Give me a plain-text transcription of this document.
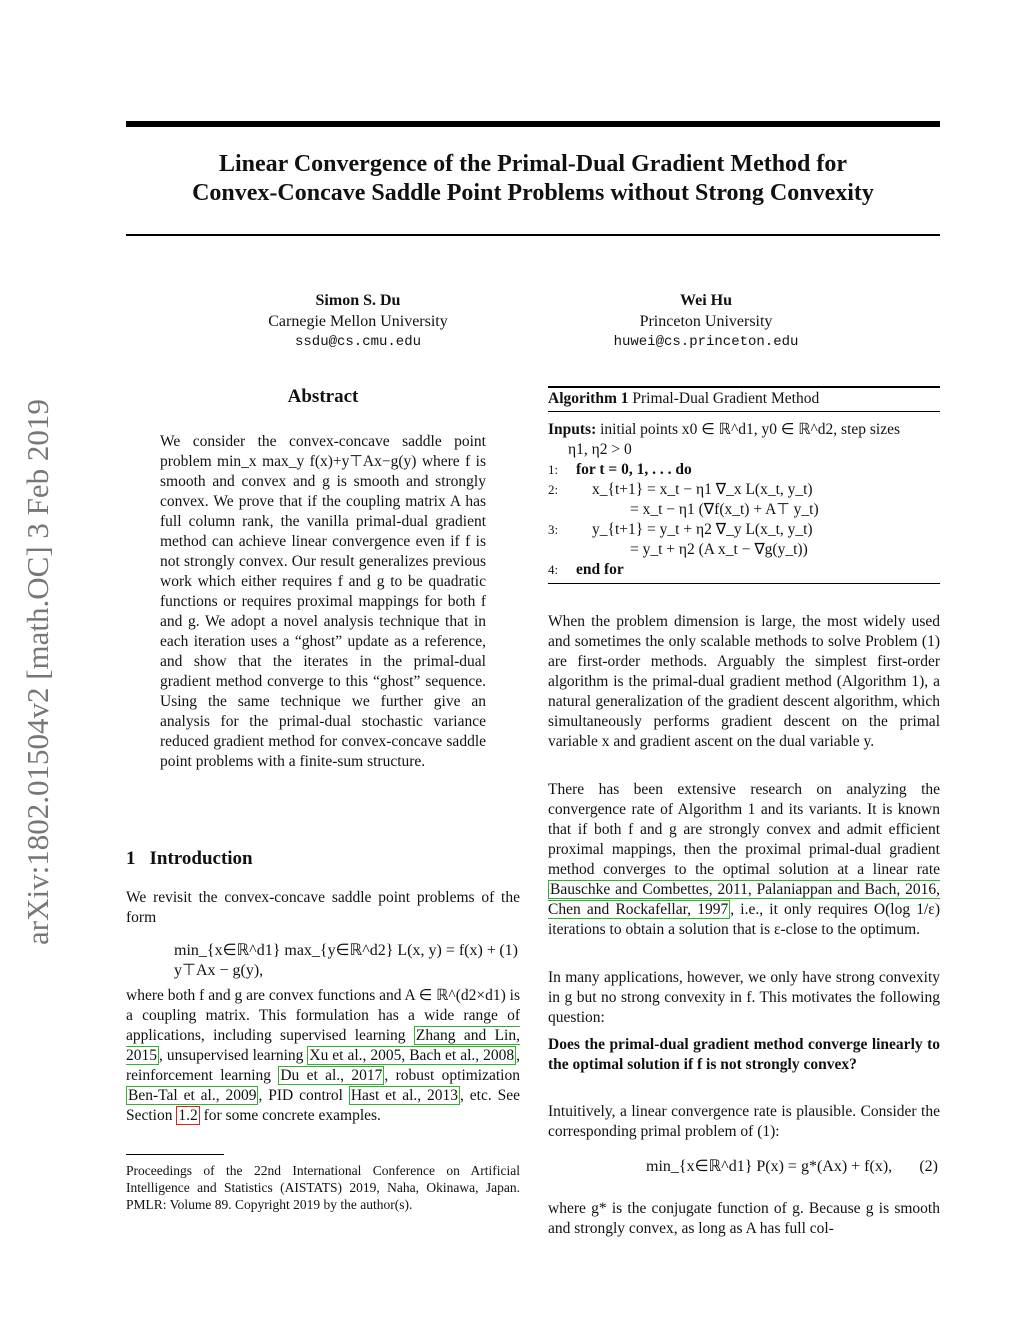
Linear Convergence of the Primal-Dual Gradient Method for
Convex-Concave Saddle Point Problems without Strong Convexity
arXiv:1802.01504v2 [math.OC] 3 Feb 2019
Simon S. Du
Carnegie Mellon University
ssdu@cs.cmu.edu
Wei Hu
Princeton University
huwei@cs.princeton.edu
Abstract
We consider the convex-concave saddle point problem min_x max_y f(x)+y⊤Ax−g(y) where f is smooth and convex and g is smooth and strongly convex. We prove that if the coupling matrix A has full column rank, the vanilla primal-dual gradient method can achieve linear convergence even if f is not strongly convex. Our result generalizes previous work which either requires f and g to be quadratic functions or requires proximal mappings for both f and g. We adopt a novel analysis technique that in each iteration uses a “ghost” update as a reference, and show that the iterates in the primal-dual gradient method converge to this “ghost” sequence. Using the same technique we further give an analysis for the primal-dual stochastic variance reduced gradient method for convex-concave saddle point problems with a finite-sum structure.
1 Introduction
We revisit the convex-concave saddle point problems of the form
min_{x∈ℝ^d1} max_{y∈ℝ^d2} L(x, y) = f(x) + y⊤Ax − g(y),
(1)
where both f and g are convex functions and A ∈ ℝ^(d2×d1) is a coupling matrix. This formulation has a wide range of applications, including supervised learning Zhang and Lin, 2015 , unsupervised learning Xu et al., 2005, Bach et al., 2008 , reinforcement learning Du et al., 2017 , robust optimization Ben-Tal et al., 2009 , PID control Hast et al., 2013 , etc. See Section 1.2 for some concrete examples.
Proceedings of the 22nd International Conference on Artificial Intelligence and Statistics (AISTATS) 2019, Naha, Okinawa, Japan. PMLR: Volume 89. Copyright 2019 by the author(s).
Algorithm 1 Primal-Dual Gradient Method
Inputs: initial points x0 ∈ ℝ^d1, y0 ∈ ℝ^d2, step sizes
η1, η2 > 0
1: for t = 0, 1, . . . do
2: x_{t+1} = x_t − η1 ∇_x L(x_t, y_t)
= x_t − η1 (∇f(x_t) + A⊤ y_t)
3: y_{t+1} = y_t + η2 ∇_y L(x_t, y_t)
= y_t + η2 (A x_t − ∇g(y_t))
4: end for
When the problem dimension is large, the most widely used and sometimes the only scalable methods to solve Problem (1) are first-order methods. Arguably the simplest first-order algorithm is the primal-dual gradient method (Algorithm 1), a natural generalization of the gradient descent algorithm, which simultaneously performs gradient descent on the primal variable x and gradient ascent on the dual variable y.
There has been extensive research on analyzing the convergence rate of Algorithm 1 and its variants. It is known that if both f and g are strongly convex and admit efficient proximal mappings, then the proximal primal-dual gradient method converges to the optimal solution at a linear rate Bauschke and Combettes, 2011, Palaniappan and Bach, 2016, Chen and Rockafellar, 1997 , i.e., it only requires O(log 1/ε) iterations to obtain a solution that is ε-close to the optimum.
In many applications, however, we only have strong convexity in g but no strong convexity in f. This motivates the following question:
Does the primal-dual gradient method converge linearly to the optimal solution if f is not strongly convex?
Intuitively, a linear convergence rate is plausible. Consider the corresponding primal problem of (1):
min_{x∈ℝ^d1} P(x) = g*(Ax) + f(x), (2)
where g* is the conjugate function of g. Because g is smooth and strongly convex, as long as A has full col-
